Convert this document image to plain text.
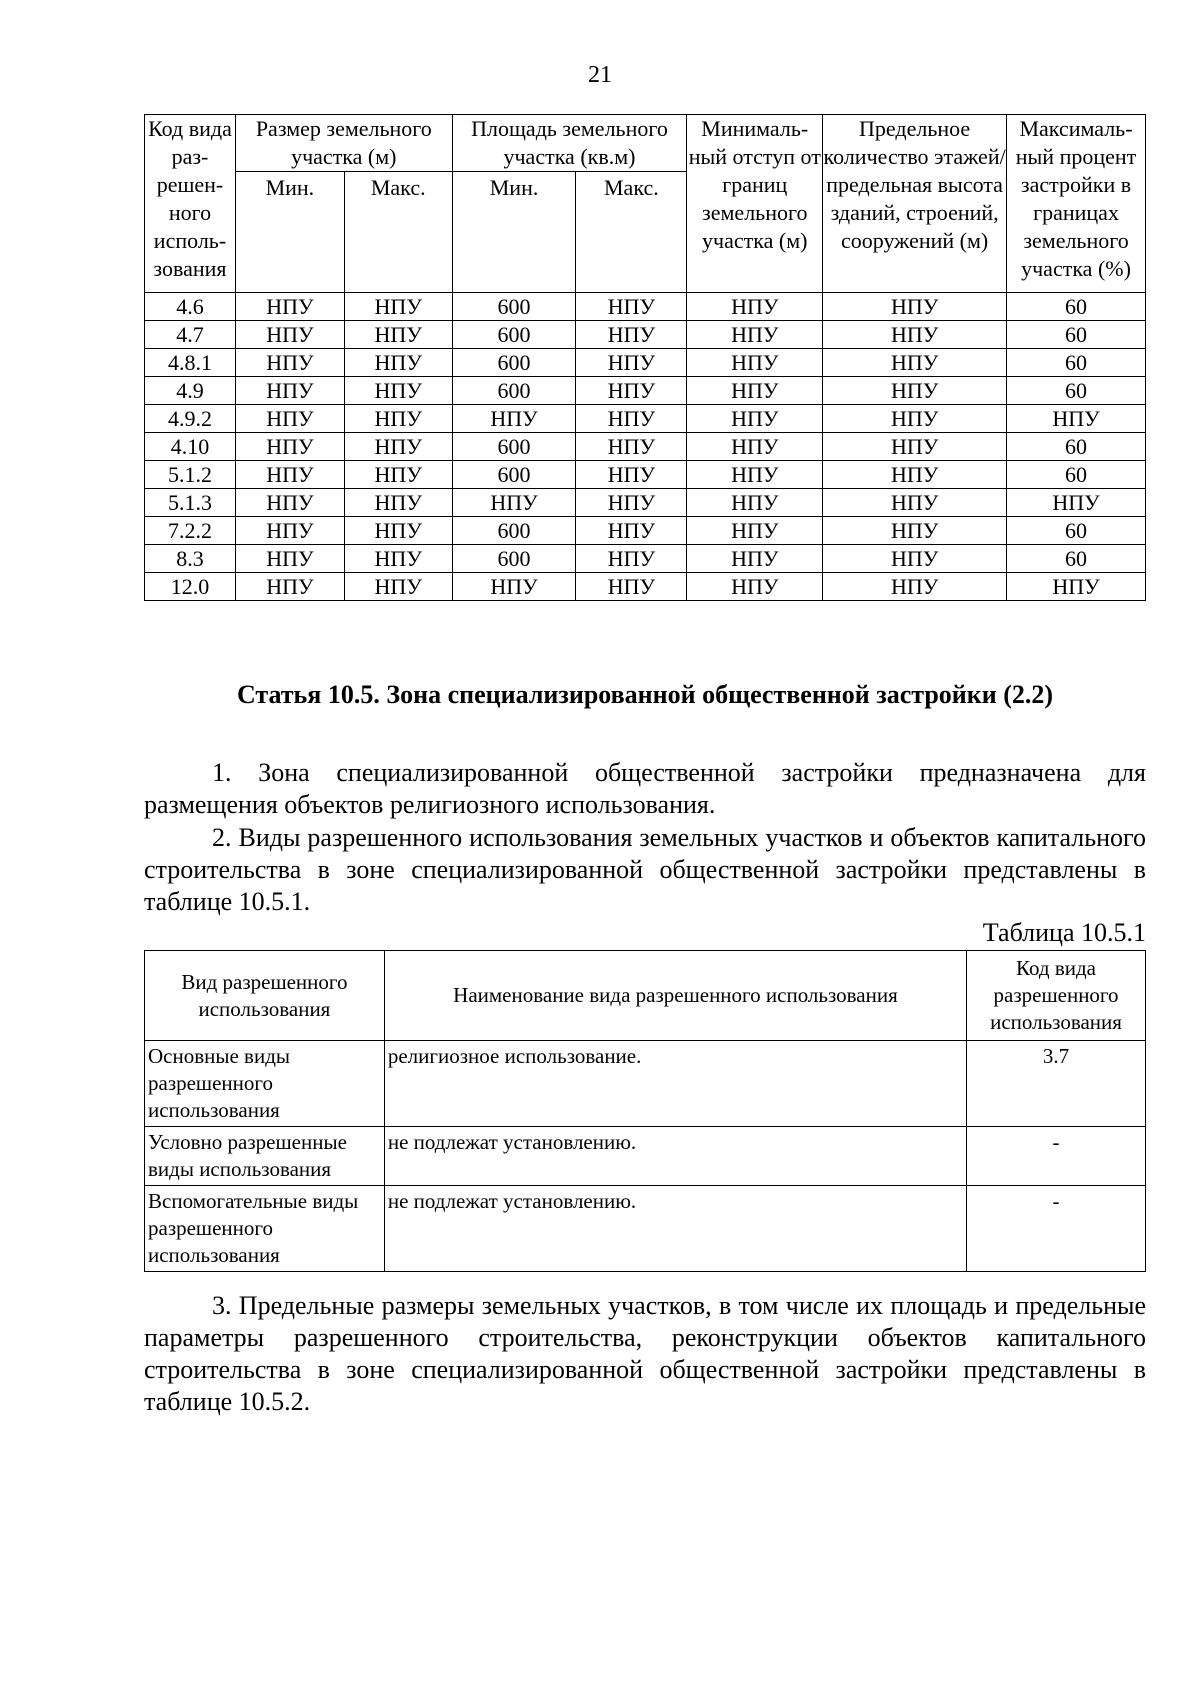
21
Код вида раз-решен-ного исполь-зования	Размер земельного участка (м)		Площадь земельного участка (кв.м)		Минималь-ный отступ от границ земельного участка (м)	Предельное количество этажей/ предельная высота зданий, строений, сооружений (м)	Максималь-ный процент застройки в границах земельного участка (%)
	Мин.	Макс.	Мин.	Макс.			
4.6	НПУ	НПУ	600	НПУ	НПУ	НПУ	60
4.7	НПУ	НПУ	600	НПУ	НПУ	НПУ	60
4.8.1	НПУ	НПУ	600	НПУ	НПУ	НПУ	60
4.9	НПУ	НПУ	600	НПУ	НПУ	НПУ	60
4.9.2	НПУ	НПУ	НПУ	НПУ	НПУ	НПУ	НПУ
4.10	НПУ	НПУ	600	НПУ	НПУ	НПУ	60
5.1.2	НПУ	НПУ	600	НПУ	НПУ	НПУ	60
5.1.3	НПУ	НПУ	НПУ	НПУ	НПУ	НПУ	НПУ
7.2.2	НПУ	НПУ	600	НПУ	НПУ	НПУ	60
8.3	НПУ	НПУ	600	НПУ	НПУ	НПУ	60
12.0	НПУ	НПУ	НПУ	НПУ	НПУ	НПУ	НПУ
Статья 10.5. Зона специализированной общественной застройки (2.2)

1. Зона специализированной общественной застройки предназначена для размещения объектов религиозного использования.

2. Виды разрешенного использования земельных участков и объектов капитального строительства в зоне специализированной общественной застройки представлены в таблице 10.5.1.

Таблица 10.5.1
Вид разрешенного использования	Наименование вида разрешенного использования	Код вида разрешенного использования
Основные виды разрешенного использования	религиозное использование.	3.7
Условно разрешенные виды использования	не подлежат установлению.	-
Вспомогательные виды разрешенного использования	не подлежат установлению.	-

3. Предельные размеры земельных участков, в том числе их площадь и предельные параметры разрешенного строительства, реконструкции объектов капитального строительства в зоне специализированной общественной застройки представлены в таблице 10.5.2.
